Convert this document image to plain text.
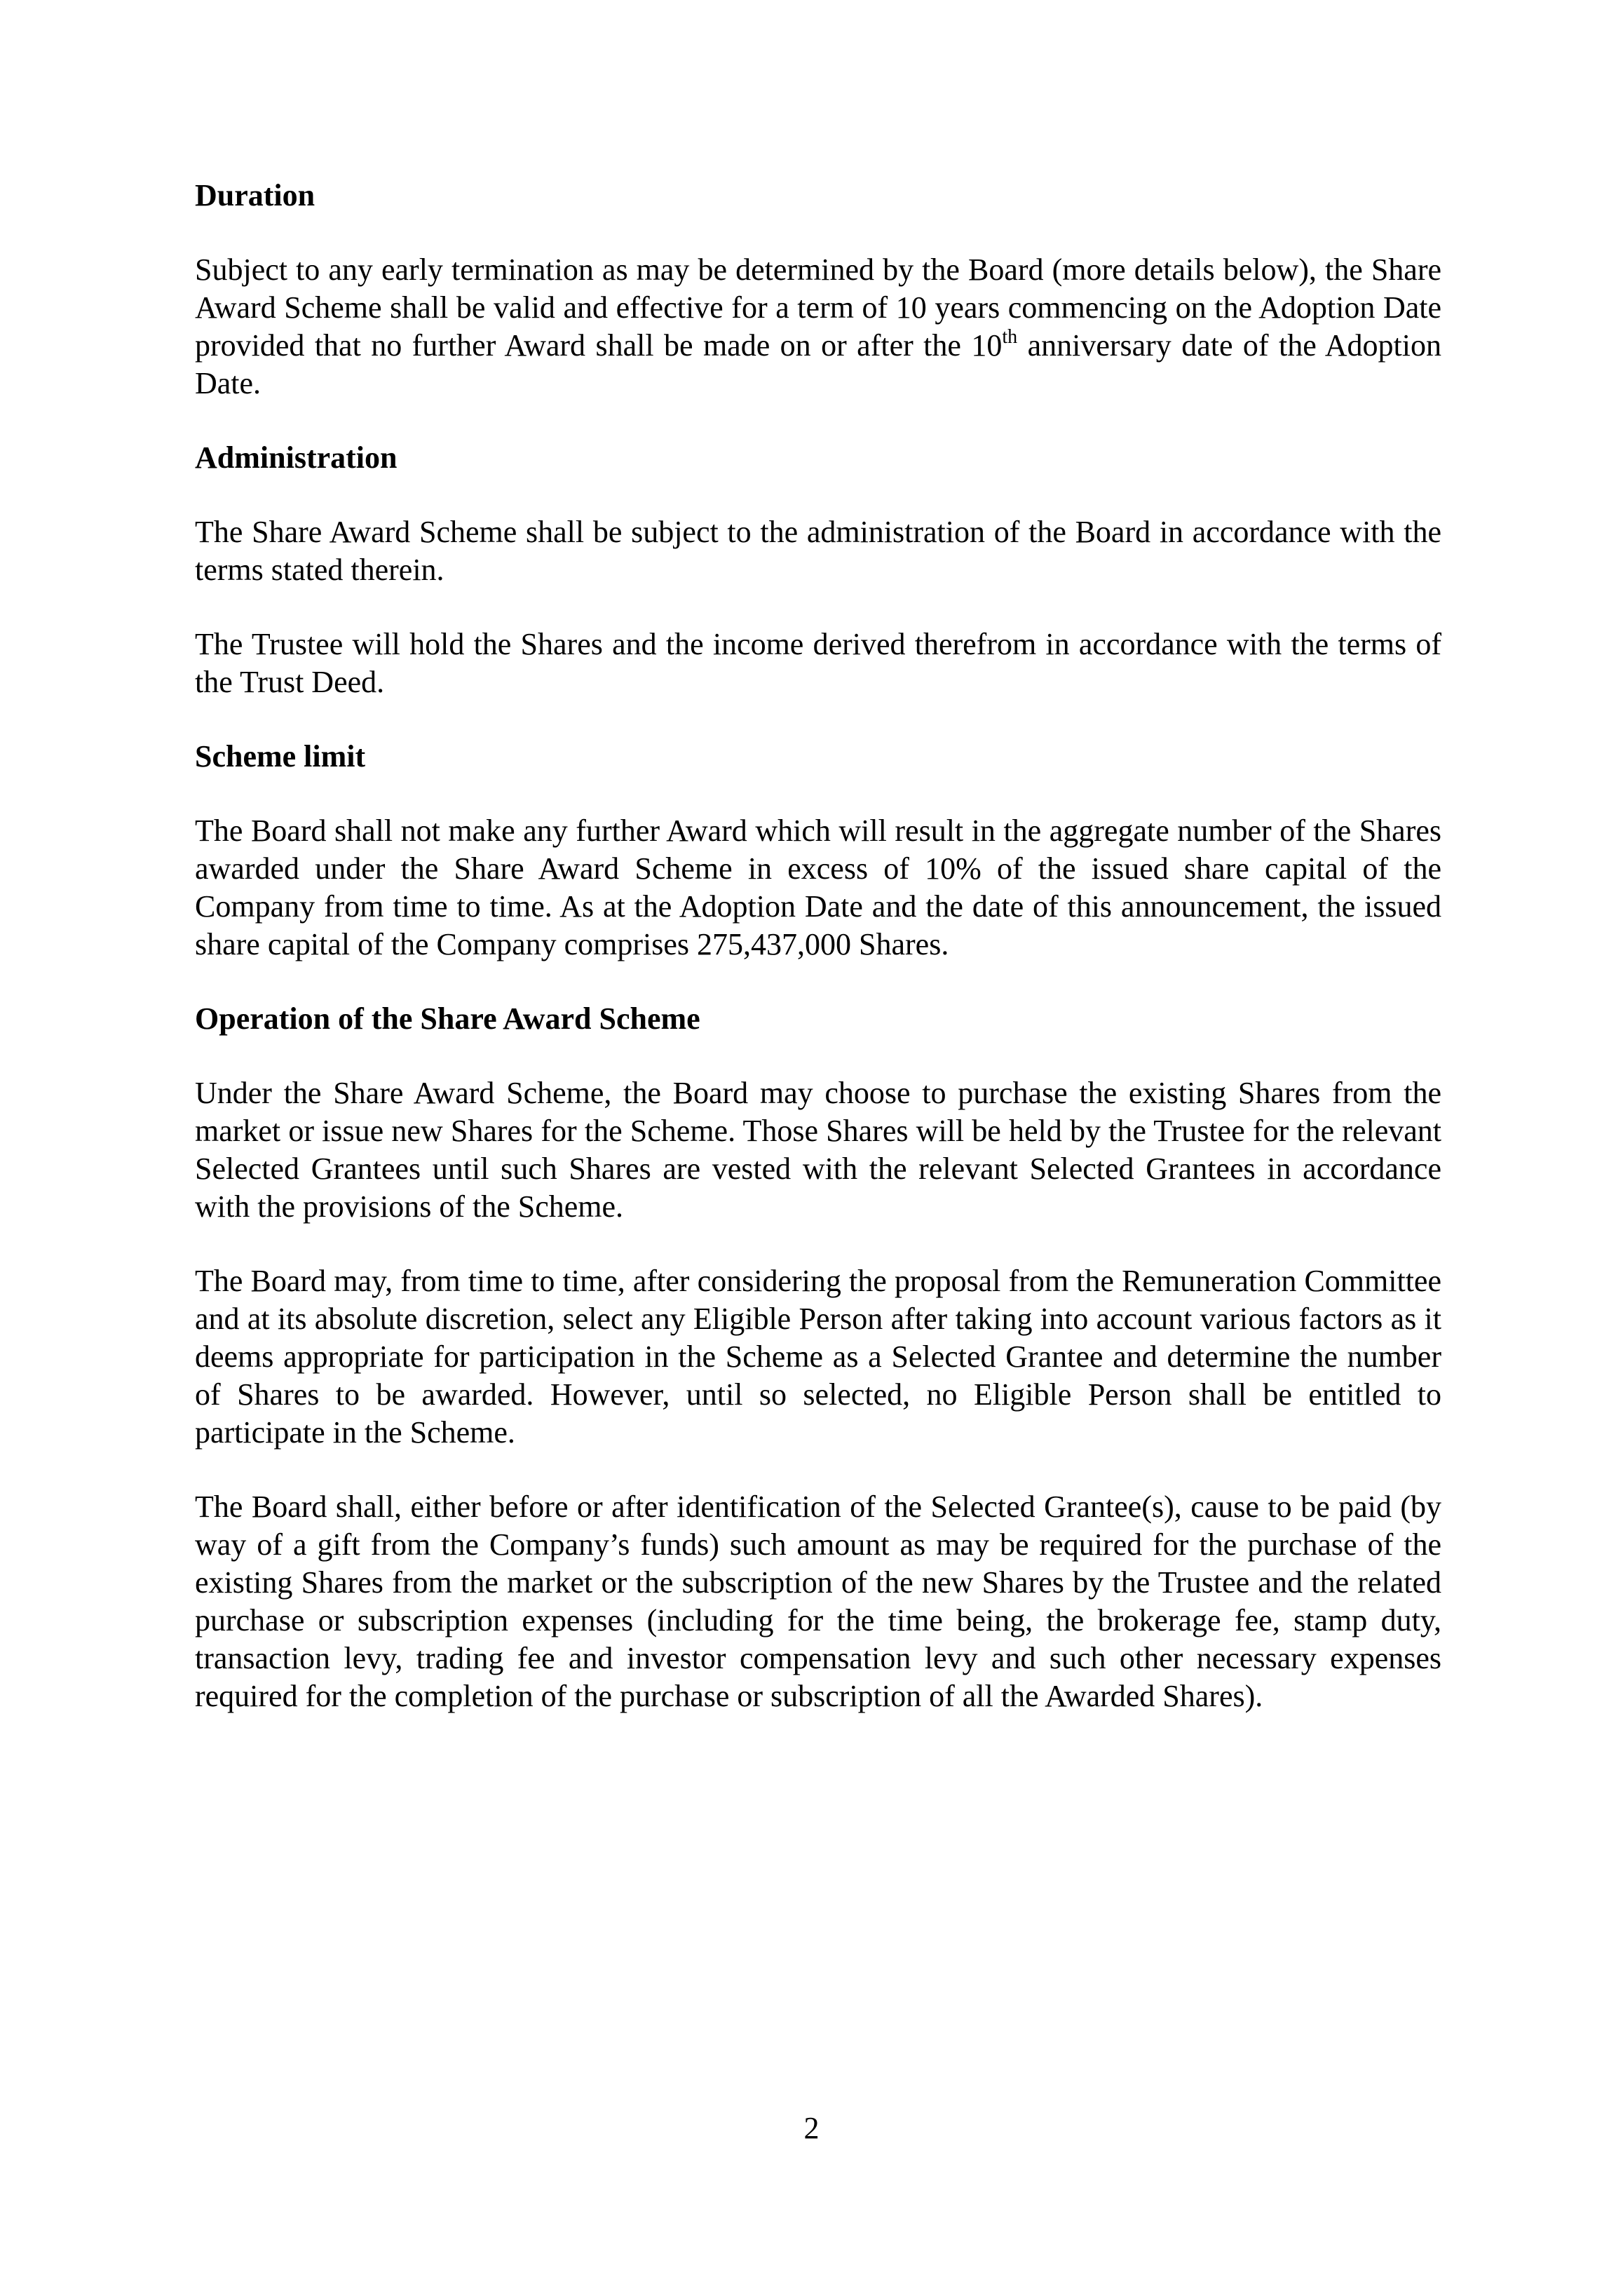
Duration

Subject to any early termination as may be determined by the Board (more details below), the Share Award Scheme shall be valid and effective for a term of 10 years commencing on the Adoption Date provided that no further Award shall be made on or after the 10th anniversary date of the Adoption Date.

Administration

The Share Award Scheme shall be subject to the administration of the Board in accordance with the terms stated therein.

The Trustee will hold the Shares and the income derived therefrom in accordance with the terms of the Trust Deed.

Scheme limit

The Board shall not make any further Award which will result in the aggregate number of the Shares awarded under the Share Award Scheme in excess of 10% of the issued share capital of the Company from time to time. As at the Adoption Date and the date of this announcement, the issued share capital of the Company comprises 275,437,000 Shares.

Operation of the Share Award Scheme

Under the Share Award Scheme, the Board may choose to purchase the existing Shares from the market or issue new Shares for the Scheme. Those Shares will be held by the Trustee for the relevant Selected Grantees until such Shares are vested with the relevant Selected Grantees in accordance with the provisions of the Scheme.

The Board may, from time to time, after considering the proposal from the Remuneration Committee and at its absolute discretion, select any Eligible Person after taking into account various factors as it deems appropriate for participation in the Scheme as a Selected Grantee and determine the number of Shares to be awarded. However, until so selected, no Eligible Person shall be entitled to participate in the Scheme.

The Board shall, either before or after identification of the Selected Grantee(s), cause to be paid (by way of a gift from the Company’s funds) such amount as may be required for the purchase of the existing Shares from the market or the subscription of the new Shares by the Trustee and the related purchase or subscription expenses (including for the time being, the brokerage fee, stamp duty, transaction levy, trading fee and investor compensation levy and such other necessary expenses required for the completion of the purchase or subscription of all the Awarded Shares).

2
